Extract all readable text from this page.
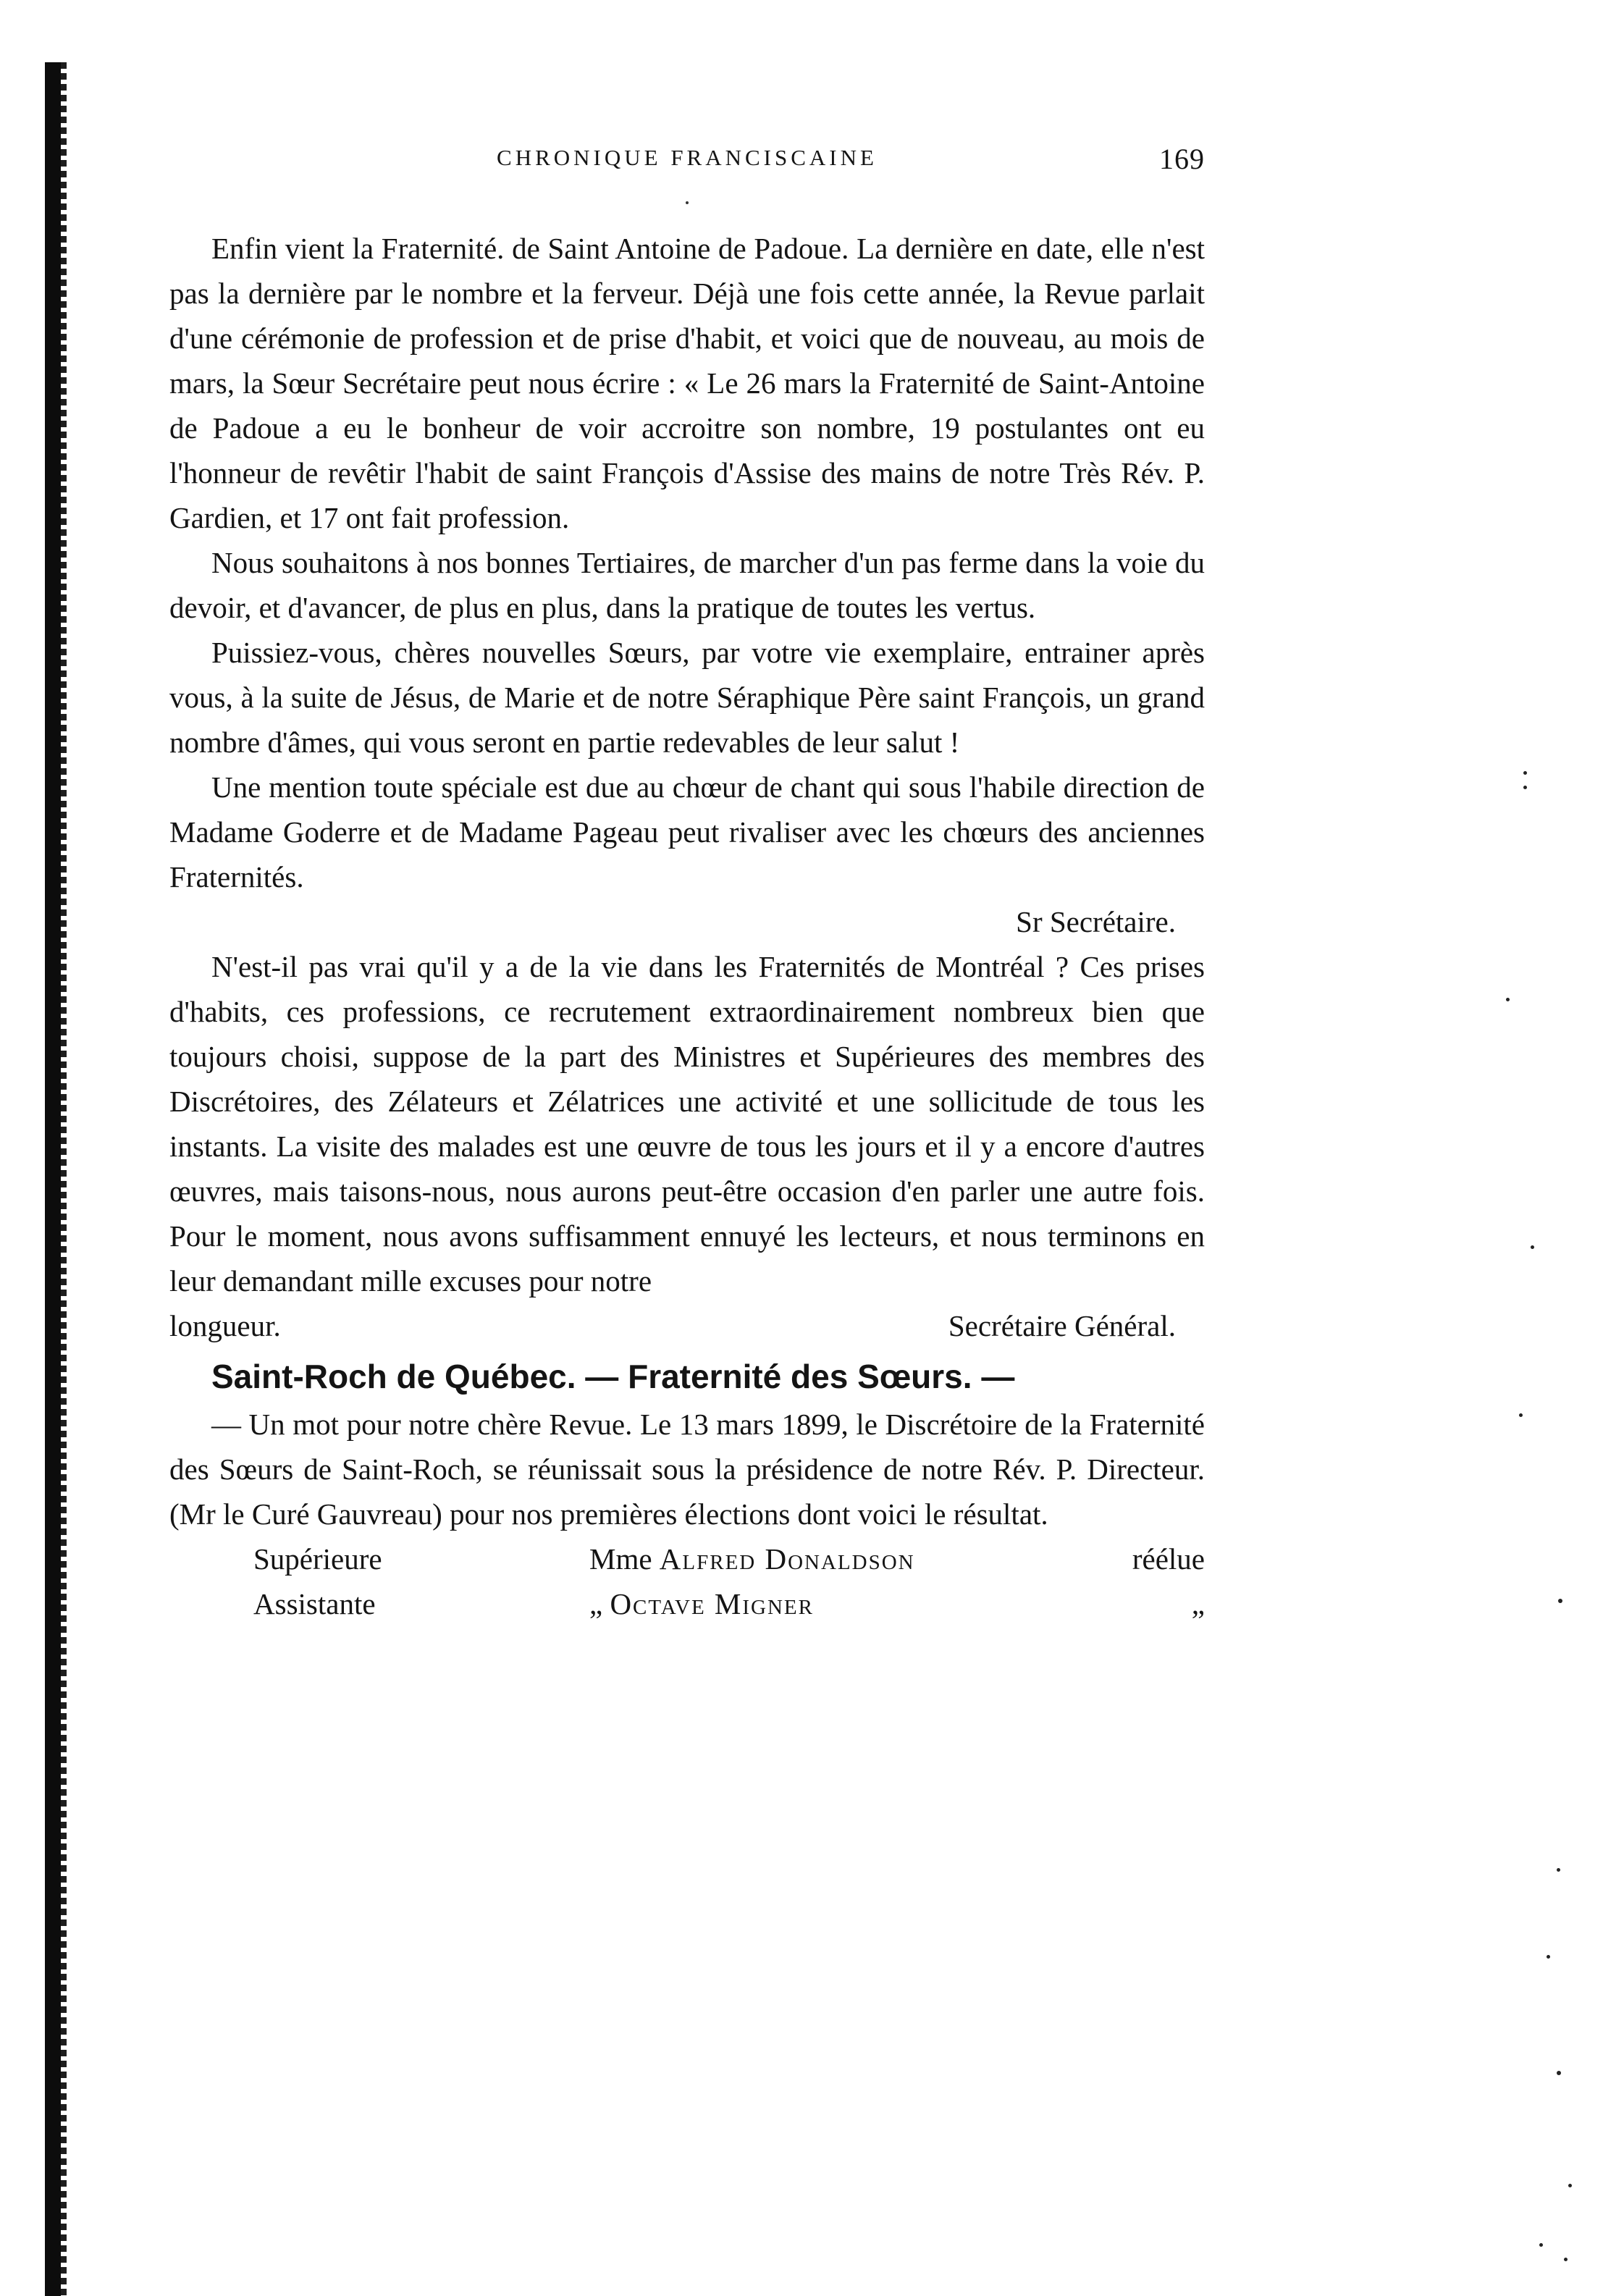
CHRONIQUE FRANCISCAINE	169

Enfin vient la Fraternité. de Saint Antoine de Padoue. La dernière en date, elle n'est pas la dernière par le nombre et la ferveur. Déjà une fois cette année, la Revue parlait d'une cérémonie de profession et de prise d'habit, et voici que de nouveau, au mois de mars, la Sœur Secrétaire peut nous écrire : « Le 26 mars la Fraternité de Saint-Antoine de Padoue a eu le bonheur de voir accroitre son nombre, 19 postulantes ont eu l'honneur de revêtir l'habit de saint François d'Assise des mains de notre Très Rév. P. Gardien, et 17 ont fait profession.

Nous souhaitons à nos bonnes Tertiaires, de marcher d'un pas ferme dans la voie du devoir, et d'avancer, de plus en plus, dans la pratique de toutes les vertus.

Puissiez-vous, chères nouvelles Sœurs, par votre vie exemplaire, entrainer après vous, à la suite de Jésus, de Marie et de notre Séraphique Père saint François, un grand nombre d'âmes, qui vous seront en partie redevables de leur salut !

Une mention toute spéciale est due au chœur de chant qui sous l'habile direction de Madame Goderre et de Madame Pageau peut rivaliser avec les chœurs des anciennes Fraternités.

Sr Secrétaire.

N'est-il pas vrai qu'il y a de la vie dans les Fraternités de Montréal ? Ces prises d'habits, ces professions, ce recrutement extraordinairement nombreux bien que toujours choisi, suppose de la part des Ministres et Supérieures des membres des Discrétoires, des Zélateurs et Zélatrices une activité et une sollicitude de tous les instants. La visite des malades est une œuvre de tous les jours et il y a encore d'autres œuvres, mais taisons-nous, nous aurons peut-être occasion d'en parler une autre fois. Pour le moment, nous avons suffisamment ennuyé les lecteurs, et nous terminons en leur demandant mille excuses pour notre

longueur.	Secrétaire Général.
Saint-Roch de Québec. — Fraternité des Sœurs. —

— Un mot pour notre chère Revue. Le 13 mars 1899, le Discrétoire de la Fraternité des Sœurs de Saint-Roch, se réunissait sous la présidence de notre Rév. P. Directeur. (Mr le Curé Gauvreau) pour nos premières élections dont voici le résultat.

Supérieure	Mme Alfred Donaldson	réélue
Assistante	„ Octave Migner	„
